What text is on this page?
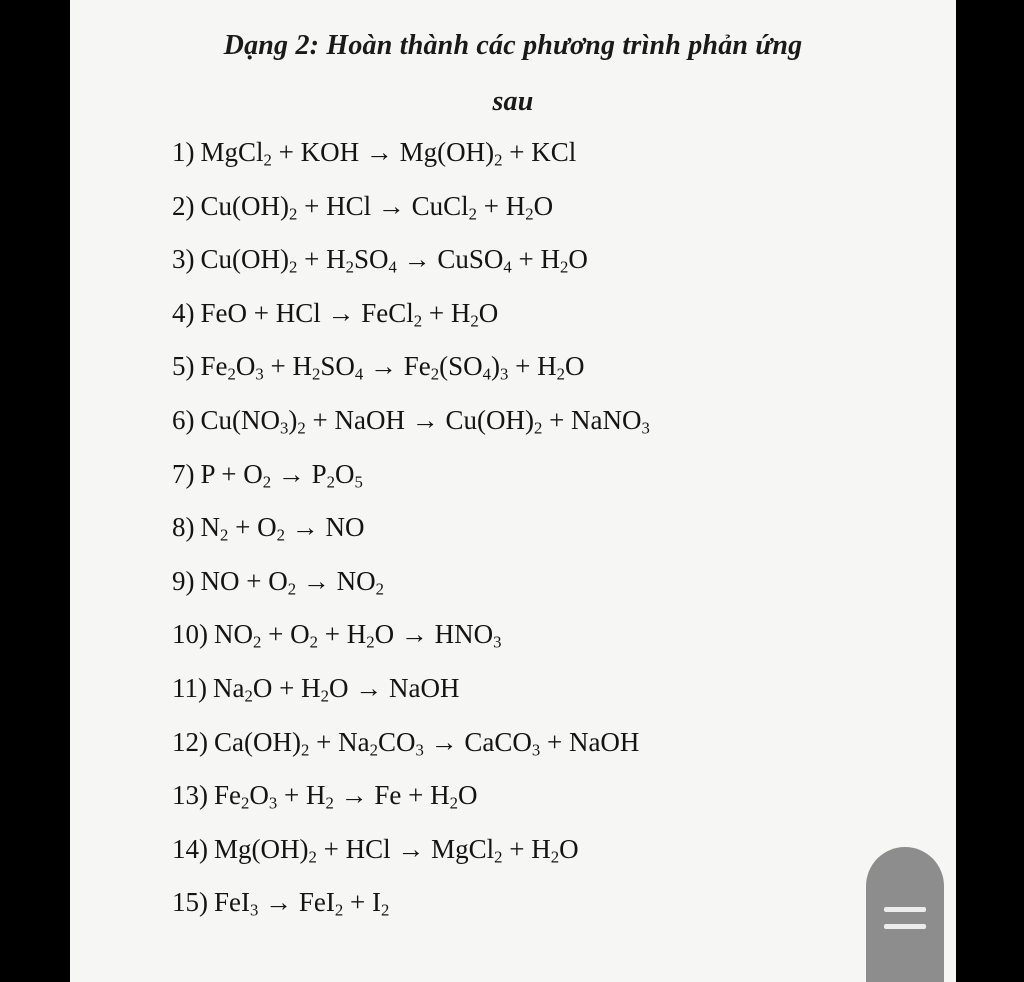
Dạng 2: Hoàn thành các phương trình phản ứng
sau
1) MgCl$_2$ + KOH → $Mg(OH)_2$ + KCl
2) $Cu(OH)_2$ + HCl → CuCl$_2$ + $H_2O$
3) $Cu(OH)_2 + H_2SO_4$ → CuSO$_4$ + $H_2O$
4) FeO + HCl → FeCl$_2$ + $H_2O$
5) $Fe_2O_3 + H_2SO_4 \to Fe_2(SO_4)_3 + H_2O$
6) $Cu(NO_3)_2$ + NaOH → $Cu(OH)_2$ + NaNO$_3$
7) $P + O_2 \to P_2O_5$
8) $N_2 + O_2$ → NO
9) NO + $O_2 \to NO_2$
10) $NO_2 + O_2 + H_2O \to HNO_3$
11) $Na_2O + H_2O$ → NaOH
12) $Ca(OH)_2 + Na_2CO_3$ → CaCO$_3$ + NaOH
13) $Fe_2O_3 + H_2 \to Fe + H_2O$
14) $Mg(OH)_2$ + HCl → MgCl$_2$ + $H_2O$
15) $FeI_3 \to FeI_2 + I_2$
